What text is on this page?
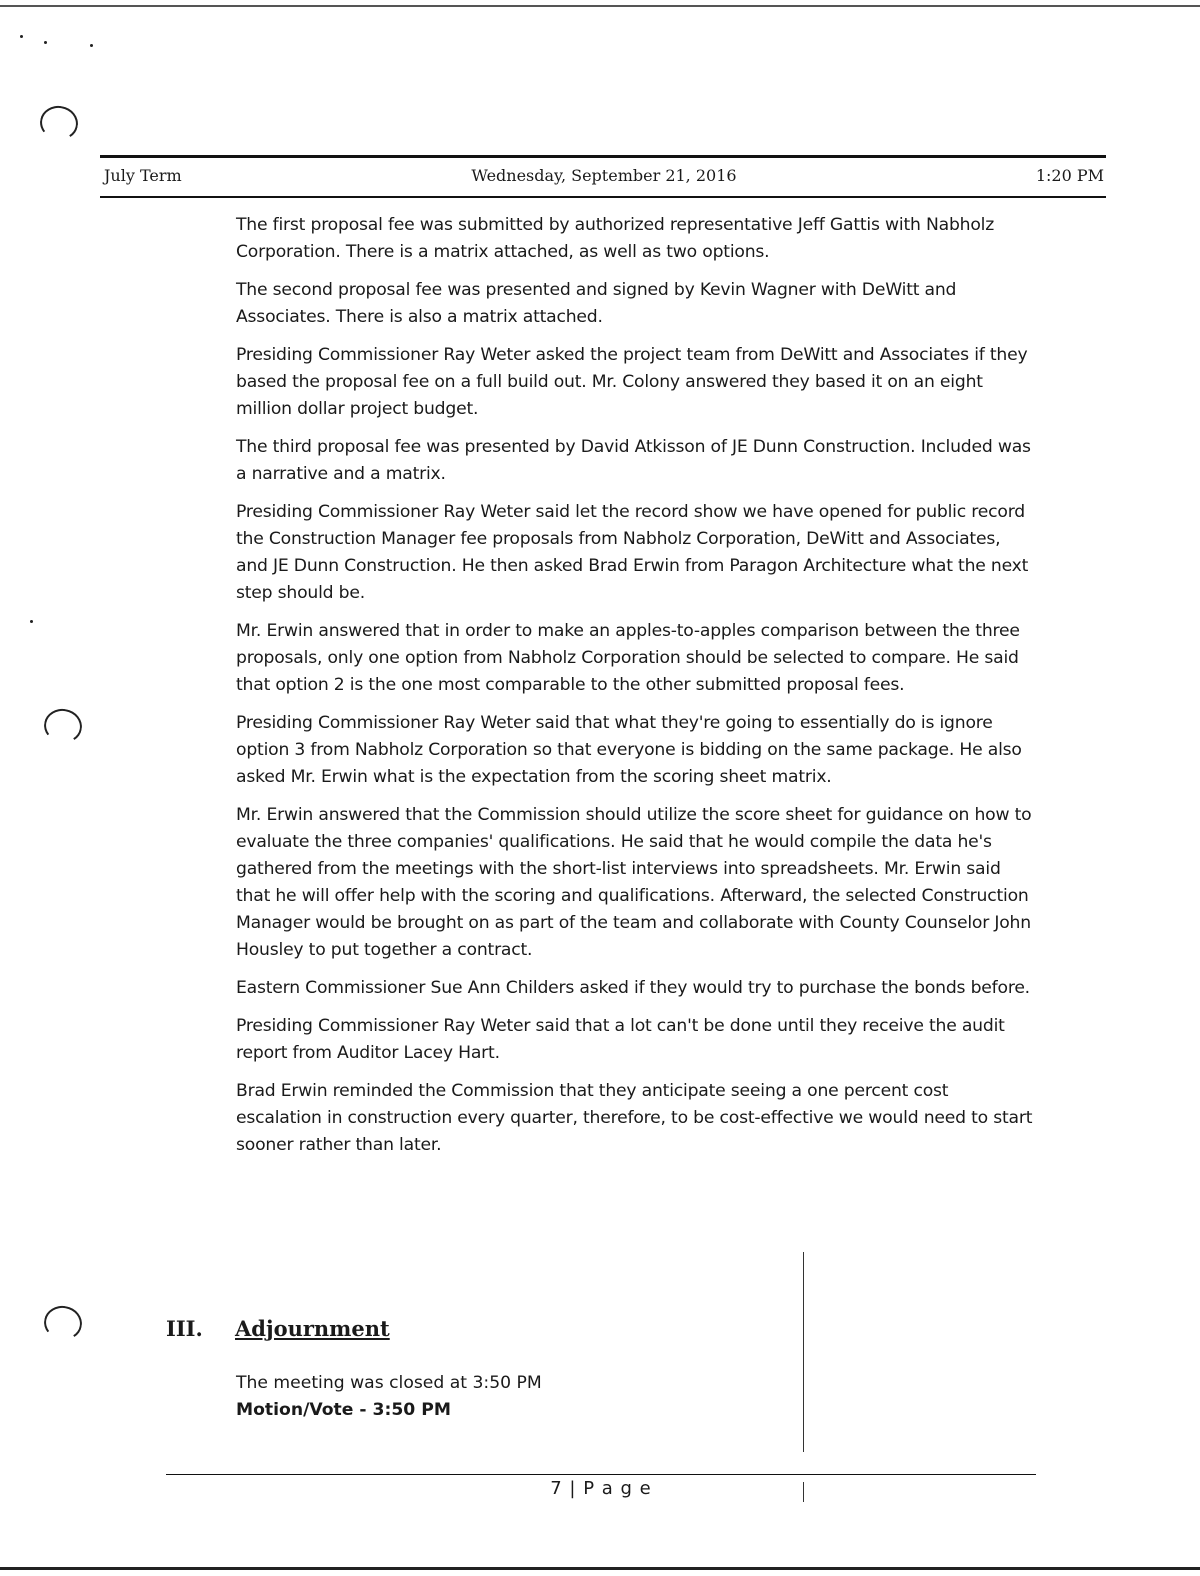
July Term	Wednesday, September 21, 2016	1:20 PM

The first proposal fee was submitted by authorized representative Jeff Gattis with Nabholz Corporation. There is a matrix attached, as well as two options.

The second proposal fee was presented and signed by Kevin Wagner with DeWitt and Associates. There is also a matrix attached.

Presiding Commissioner Ray Weter asked the project team from DeWitt and Associates if they based the proposal fee on a full build out. Mr. Colony answered they based it on an eight million dollar project budget.

The third proposal fee was presented by David Atkisson of JE Dunn Construction. Included was a narrative and a matrix.

Presiding Commissioner Ray Weter said let the record show we have opened for public record the Construction Manager fee proposals from Nabholz Corporation, DeWitt and Associates, and JE Dunn Construction. He then asked Brad Erwin from Paragon Architecture what the next step should be.

Mr. Erwin answered that in order to make an apples-to-apples comparison between the three proposals, only one option from Nabholz Corporation should be selected to compare. He said that option 2 is the one most comparable to the other submitted proposal fees.

Presiding Commissioner Ray Weter said that what they're going to essentially do is ignore option 3 from Nabholz Corporation so that everyone is bidding on the same package. He also asked Mr. Erwin what is the expectation from the scoring sheet matrix.

Mr. Erwin answered that the Commission should utilize the score sheet for guidance on how to evaluate the three companies' qualifications. He said that he would compile the data he's gathered from the meetings with the short-list interviews into spreadsheets. Mr. Erwin said that he will offer help with the scoring and qualifications. Afterward, the selected Construction Manager would be brought on as part of the team and collaborate with County Counselor John Housley to put together a contract.

Eastern Commissioner Sue Ann Childers asked if they would try to purchase the bonds before.

Presiding Commissioner Ray Weter said that a lot can't be done until they receive the audit report from Auditor Lacey Hart.

Brad Erwin reminded the Commission that they anticipate seeing a one percent cost escalation in construction every quarter, therefore, to be cost-effective we would need to start sooner rather than later.

III. Adjournment

The meeting was closed at 3:50 PM

Motion/Vote - 3:50 PM

7 | P a g e
